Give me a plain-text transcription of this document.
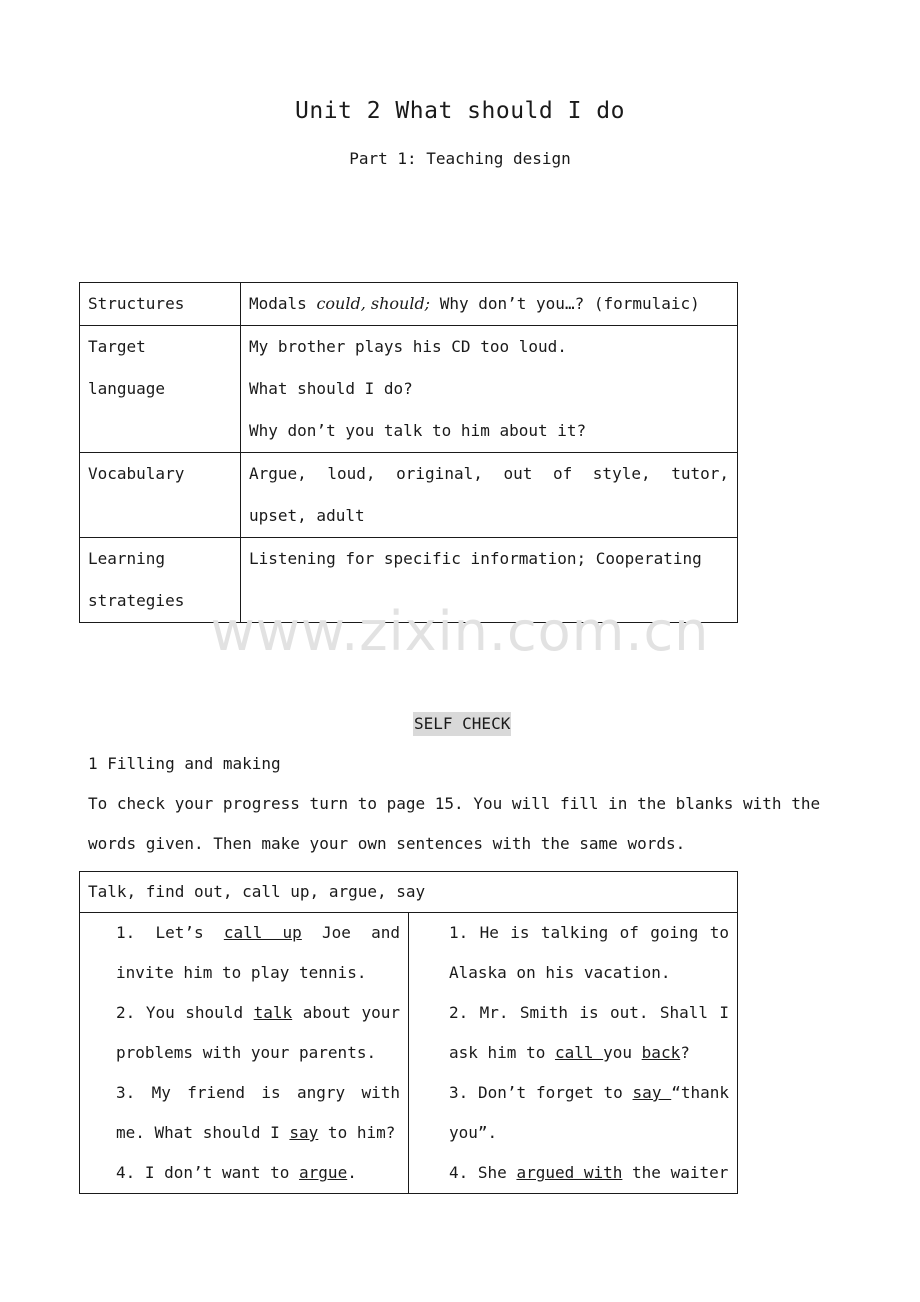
Unit 2 What should I do
Part 1: Teaching design
Structures	Modals could, should; Why don’t you…? (formulaic)
Target language	My brother plays his CD too loud.
What should I do?
Why don’t you talk to him about it?

Vocabulary	Argue, loud, original, out of style, tutor, upset, adult
Learning strategies	Listening for specific information; Cooperating
www.zixin.com.cn
SELF CHECK
1 Filling and making
To check your progress turn to page 15. You will fill in the blanks with the words given. Then make your own sentences with the same words.
Talk, find out, call up, argue, say

1. Let’s call up Joe and invite him to play tennis.
2. You should talk about your problems with your parents.
3. My friend is angry with me. What should I say to him?
4. I don’t want to argue.

1. He is talking of going to Alaska on his vacation.
2. Mr. Smith is out. Shall I ask him to call you back?
3. Don’t forget to say “thank you”.
4. She argued with the waiter
